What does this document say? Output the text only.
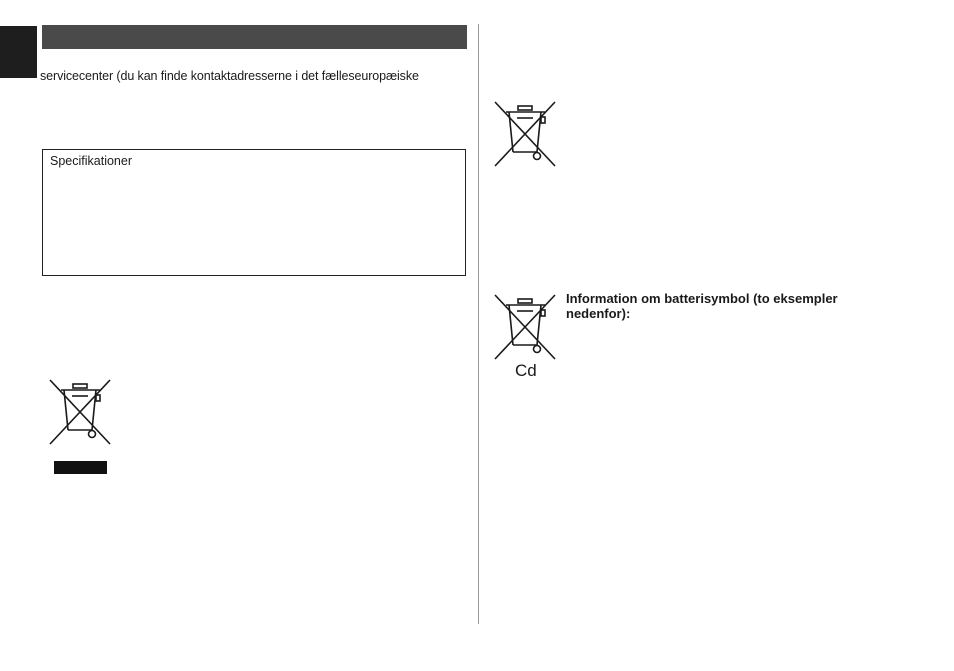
servicecenter (du kan finde kontaktadresserne i det fælleseuropæiske
Specifikationer
Cd
Information om batterisymbol (to eksempler nedenfor):
